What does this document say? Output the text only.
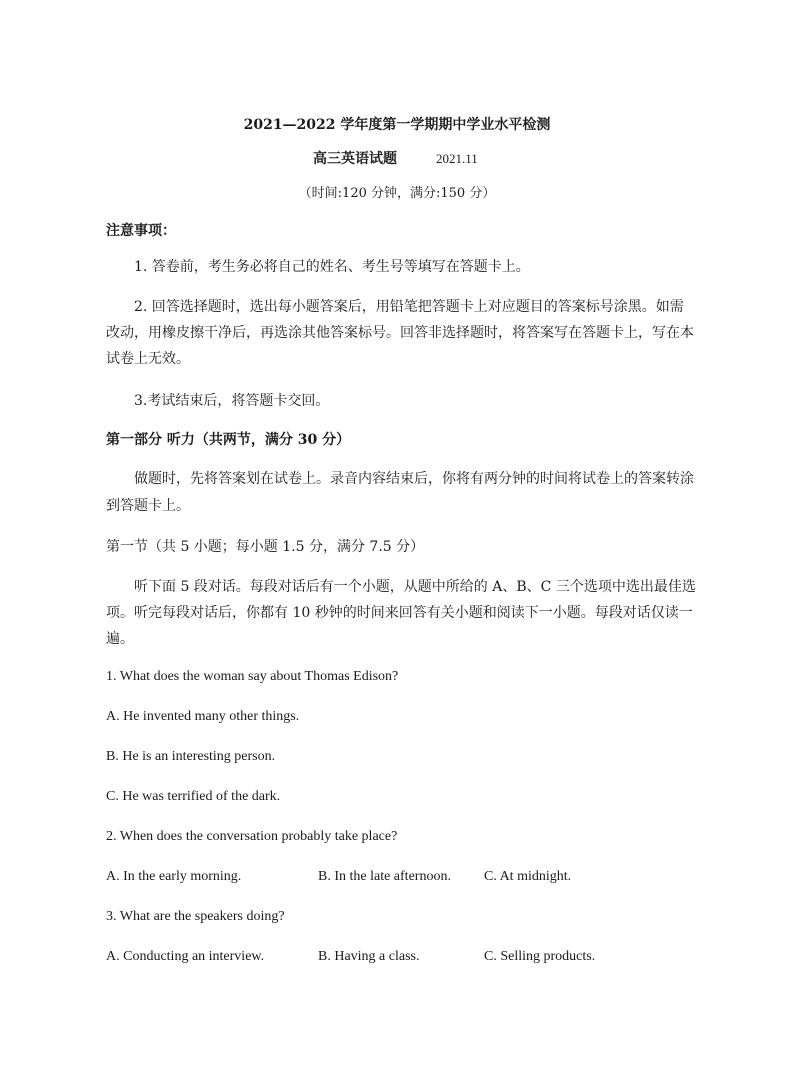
2021—2022 学年度第一学期期中学业水平检测
高三英语试题	2021.11
（时间:120 分钟，满分:150 分）
注意事项：
1. 答卷前，考生务必将自己的姓名、考生号等填写在答题卡上。
2. 回答选择题时，选出每小题答案后，用铅笔把答题卡上对应题目的答案标号涂黑。如需
改动，用橡皮擦干净后，再选涂其他答案标号。回答非选择题时，将答案写在答题卡上，写在本
试卷上无效。
3.考试结束后，将答题卡交回。
第一部分 听力（共两节，满分 30 分）
做题时，先将答案划在试卷上。录音内容结束后，你将有两分钟的时间将试卷上的答案转涂
到答题卡上。
第一节（共 5 小题；每小题 1.5 分，满分 7.5 分）
听下面 5 段对话。每段对话后有一个小题，从题中所给的 A、B、C 三个选项中选出最佳选
项。听完每段对话后，你都有 10 秒钟的时间来回答有关小题和阅读下一小题。每段对话仅读一
遍。
1. What does the woman say about Thomas Edison?
A. He invented many other things.
B. He is an interesting person.
C. He was terrified of the dark.
2. When does the conversation probably take place?
A. In the early morning.	B. In the late afternoon. C. At midnight.
3. What are the speakers doing?
A. Conducting an interview.	B. Having a class.	C. Selling products.
